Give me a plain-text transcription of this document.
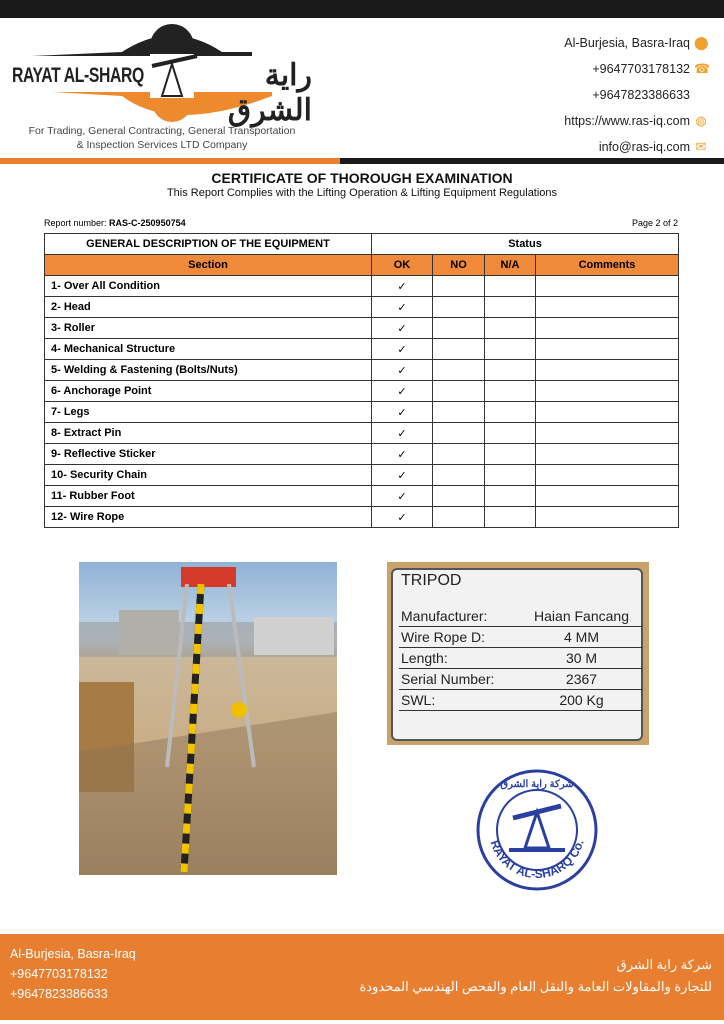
RAYAT AL-SHARQ	راية الشرق
For Trading, General Contracting, General Transportation
& Inspection Services LTD Company
Al-Burjesia, Basra-Iraq ⬤
+9647703178132 ☎
+9647823386633
https://www.ras-iq.com ◍
info@ras-iq.com ✉
CERTIFICATE OF THOROUGH EXAMINATION
This Report Complies with the Lifting Operation & Lifting Equipment Regulations
Report number: RAS-C-250950754	Page 2 of 2
GENERAL DESCRIPTION OF THE EQUIPMENT	Status			
Section	OK	NO	N/A	Comments
1- Over All Condition	✓			
2- Head	✓			
3- Roller	✓			
4- Mechanical Structure	✓			
5- Welding & Fastening (Bolts/Nuts)	✓			
6- Anchorage Point	✓			
7- Legs	✓			
8- Extract Pin	✓			
9- Reflective Sticker	✓			
10- Security Chain	✓			
11- Rubber Foot	✓			
12- Wire Rope	✓			
TRIPOD
Manufacturer:	Haian Fancang
Wire Rope D:	4 MM
Length:	30 M
Serial Number:	2367
SWL:	200 Kg
RAYAT AL-SHARQ Co.
شركة راية الشرق
Al-Burjesia, Basra-Iraq
+9647703178132
+9647823386633
شركة راية الشرق
للتجارة والمقاولات العامة والنقل العام والفحص الهندسي المحدودة
